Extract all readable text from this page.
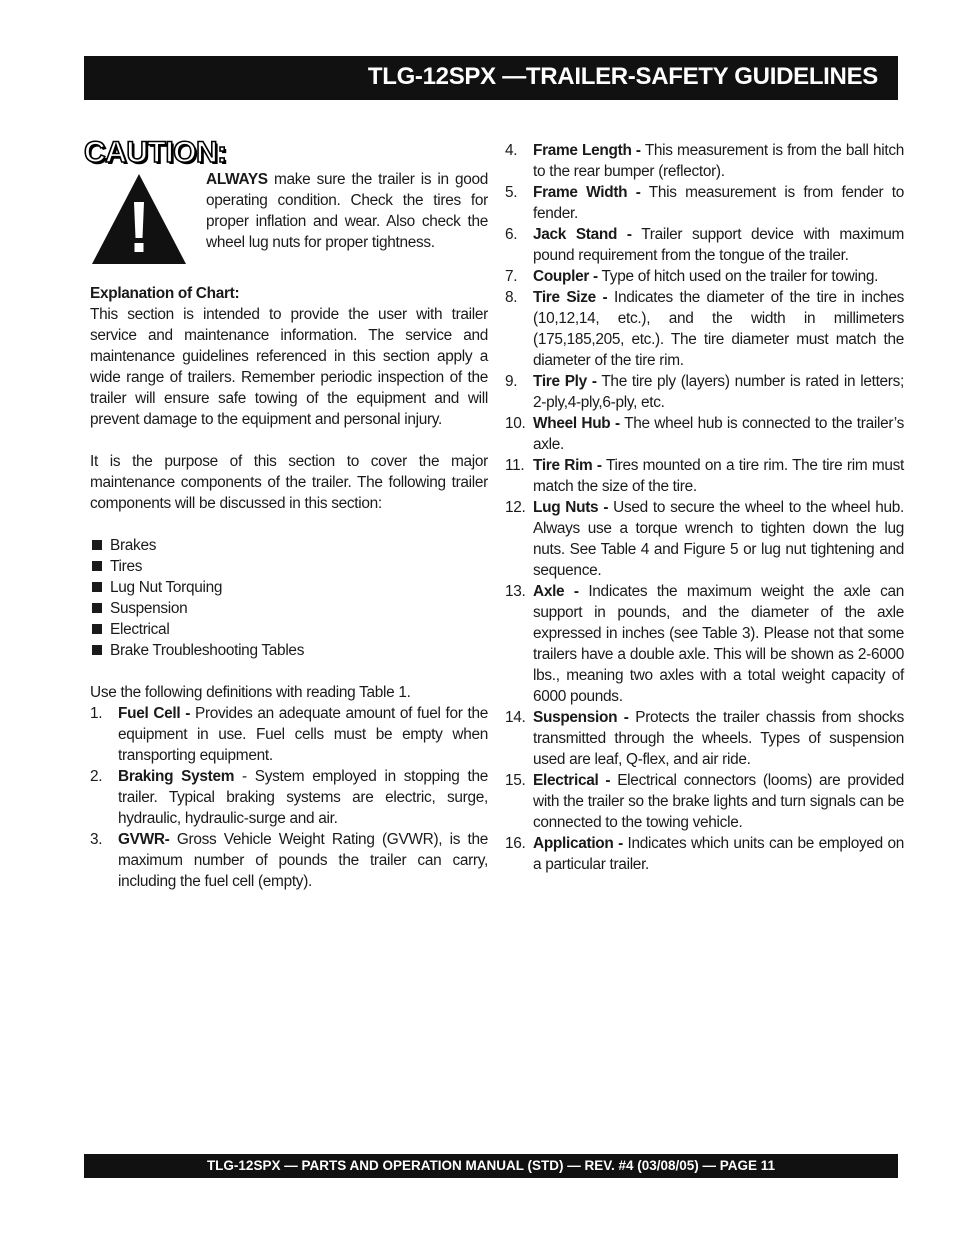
TLG-12SPX —TRAILER-SAFETY GUIDELINES
CAUTION:
ALWAYS make sure the trailer is in good operating condition. Check the tires for proper inflation and wear. Also check the wheel lug nuts for proper tightness.

Explanation of Chart:

This section is intended to provide the user with trailer service and maintenance information. The service and maintenance guidelines referenced in this section apply a wide range of trailers. Remember periodic inspection of the trailer will ensure safe towing of the equipment and will prevent damage to the equipment and personal injury.

It is the purpose of this section to cover the major maintenance components of the trailer. The following trailer components will be discussed in this section:

Brakes
Tires
Lug Nut Torquing
Suspension
Electrical
Brake Troubleshooting Tables

Use the following definitions with reading Table 1.

1. Fuel Cell - Provides an adequate amount of fuel for the equipment in use. Fuel cells must be empty when transporting equipment.
2. Braking System - System employed in stopping the trailer. Typical braking systems are electric, surge, hydraulic, hydraulic-surge and air.
3. GVWR- Gross Vehicle Weight Rating (GVWR), is the maximum number of pounds the trailer can carry, including the fuel cell (empty).
4. Frame Length - This measurement is from the ball hitch to the rear bumper (reflector).
5. Frame Width - This measurement is from fender to fender.
6. Jack Stand - Trailer support device with maximum pound requirement from the tongue of the trailer.
7. Coupler - Type of hitch used on the trailer for towing.
8. Tire Size - Indicates the diameter of the tire in inches (10,12,14, etc.), and the width in millimeters (175,185,205, etc.). The tire diameter must match the diameter of the tire rim.
9. Tire Ply - The tire ply (layers) number is rated in letters; 2-ply,4-ply,6-ply, etc.
10. Wheel Hub - The wheel hub is connected to the trailer’s axle.
11. Tire Rim - Tires mounted on a tire rim. The tire rim must match the size of the tire.
12. Lug Nuts - Used to secure the wheel to the wheel hub. Always use a torque wrench to tighten down the lug nuts. See Table 4 and Figure 5 or lug nut tightening and sequence.
13. Axle - Indicates the maximum weight the axle can support in pounds, and the diameter of the axle expressed in inches (see Table 3). Please not that some trailers have a double axle. This will be shown as 2-6000 lbs., meaning two axles with a total weight capacity of 6000 pounds.
14. Suspension - Protects the trailer chassis from shocks transmitted through the wheels. Types of suspension used are leaf, Q-flex, and air ride.
15. Electrical - Electrical connectors (looms) are provided with the trailer so the brake lights and turn signals can be connected to the towing vehicle.
16. Application - Indicates which units can be employed on a particular trailer.
TLG-12SPX — PARTS AND OPERATION MANUAL (STD) — REV. #4 (03/08/05) — PAGE 11
